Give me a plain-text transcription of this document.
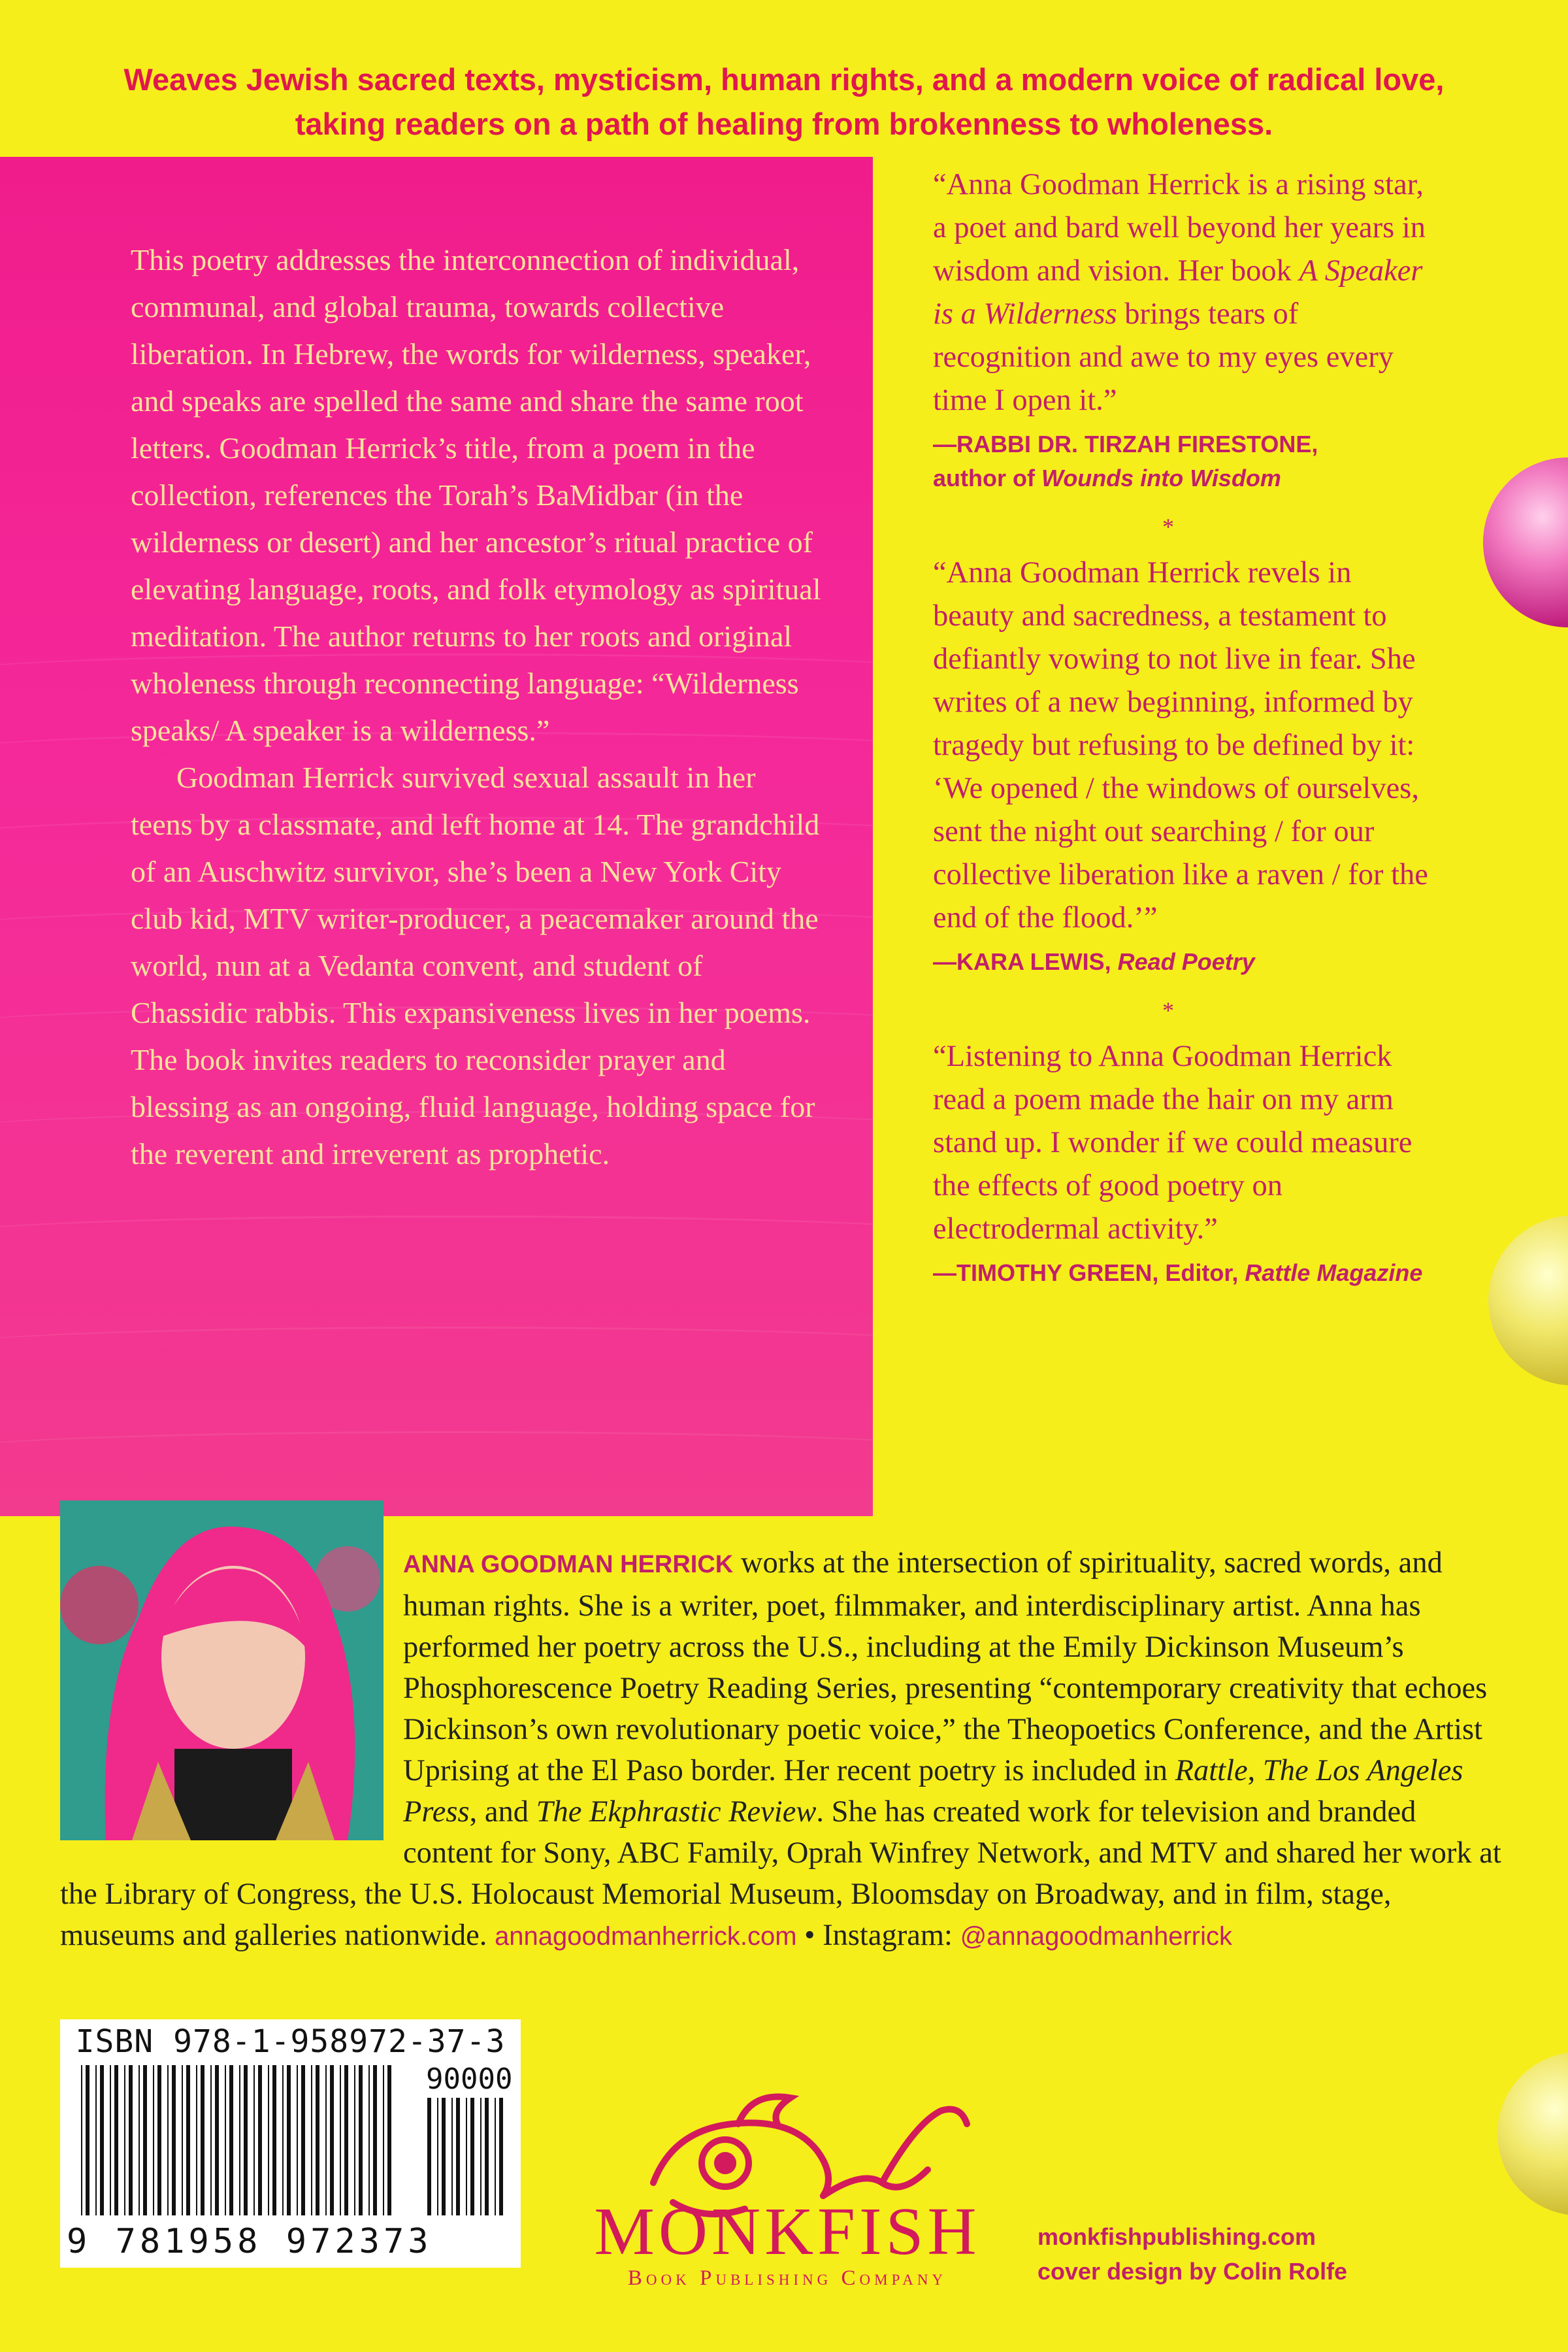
Weaves Jewish sacred texts, mysticism, human rights, and a modern voice of radical love, taking readers on a path of healing from brokenness to wholeness.

This poetry addresses the interconnection of individual, communal, and global trauma, towards collective liberation. In Hebrew, the words for wilderness, speaker, and speaks are spelled the same and share the same root letters. Goodman Herrick’s title, from a poem in the collection, references the Torah’s BaMidbar (in the wilderness or desert) and her ancestor’s ritual practice of elevating language, roots, and folk etymology as spiritual meditation. The author returns to her roots and original wholeness through reconnecting language: “Wilderness speaks/ A speaker is a wilderness.”

Goodman Herrick survived sexual assault in her teens by a classmate, and left home at 14. The grandchild of an Auschwitz survivor, she’s been a New York City club kid, MTV writer-producer, a peacemaker around the world, nun at a Vedanta convent, and student of Chassidic rabbis. This expansiveness lives in her poems. The book invites readers to reconsider prayer and blessing as an ongoing, fluid language, holding space for the reverent and irreverent as prophetic.

“Anna Goodman Herrick is a rising star, a poet and bard well beyond her years in wisdom and vision. Her book A Speaker is a Wilderness brings tears of recognition and awe to my eyes every time I open it.”
—RABBI DR. TIRZAH FIRESTONE,
author of Wounds into Wisdom
*
“Anna Goodman Herrick revels in beauty and sacredness, a testament to defiantly vowing to not live in fear. She writes of a new beginning, informed by tragedy but refusing to be defined by it: ‘We opened / the windows of ourselves, sent the night out searching / for our collective liberation like a raven / for the end of the flood.’”
—KARA LEWIS, Read Poetry
*
“Listening to Anna Goodman Herrick read a poem made the hair on my arm stand up. I wonder if we could measure the effects of good poetry on electrodermal activity.”
—TIMOTHY GREEN, Editor, Rattle Magazine
ANNA GOODMAN HERRICK works at the intersection of spirituality, sacred words, and human rights. She is a writer, poet, filmmaker, and interdisciplinary artist. Anna has performed her poetry across the U.S., including at the Emily Dickinson Museum’s Phosphorescence Poetry Reading Series, presenting “contemporary creativity that echoes Dickinson’s own revolutionary poetic voice,” the Theopoetics Conference, and the Artist Uprising at the El Paso border. Her recent poetry is included in Rattle, The Los Angeles Press, and The Ekphrastic Review. She has created work for television and branded content for Sony, ABC Family, Oprah Winfrey Network, and MTV and shared her work at the Library of Congress, the U.S. Holocaust Memorial Museum, Bloomsday on Broadway, and in film, stage, museums and galleries nationwide. annagoodmanherrick.com • Instagram: @annagoodmanherrick
ISBN 978-1-958972-37-3
90000
9 781958 972373 MONKFISH
Book Publishing Company
monkfishpublishing.com
cover design by Colin Rolfe
